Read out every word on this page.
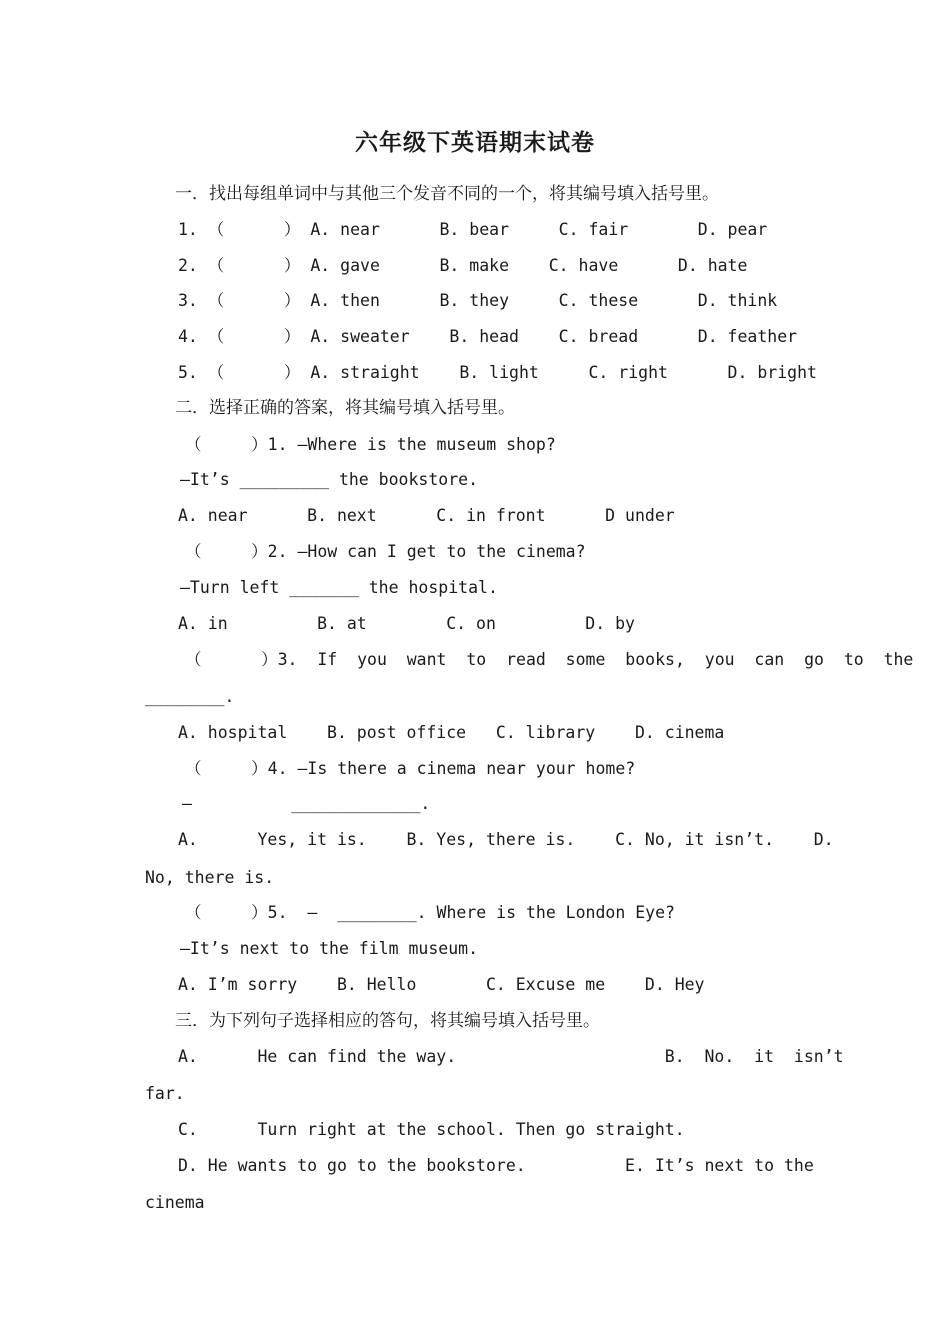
六年级下英语期末试卷
一．找出每组单词中与其他三个发音不同的一个，将其编号填入括号里。
1. （      ） A. near      B. bear     C. fair       D. pear
2. （      ） A. gave      B. make    C. have      D. hate
3. （      ） A. then      B. they     C. these      D. think
4. （      ） A. sweater    B. head    C. bread      D. feather
5. （      ） A. straight    B. light     C. right      D. bright
二．选择正确的答案，将其编号填入括号里。
（     ）1. –Where is the museum shop?
–It’s _________ the bookstore.
A. near      B. next      C. in front      D under
（     ）2. –How can I get to the cinema?
–Turn left _______ the hospital.
A. in         B. at        C. on         D. by
（      ）3.  If  you  want  to  read  some  books,  you  can  go  to  the
________.
A. hospital    B. post office   C. library    D. cinema
（     ）4. –Is there a cinema near your home?
–          _____________.
A.      Yes, it is.    B. Yes, there is.    C. No, it isn’t.    D.
No, there is.
（     ）5.  –  ________. Where is the London Eye?
–It’s next to the film museum.
A. I’m sorry    B. Hello       C. Excuse me    D. Hey
三．为下列句子选择相应的答句，将其编号填入括号里。
A.      He can find the way.                     B.  No.  it  isn’t
far.
C.      Turn right at the school. Then go straight.
D. He wants to go to the bookstore.          E. It’s next to the
cinema
